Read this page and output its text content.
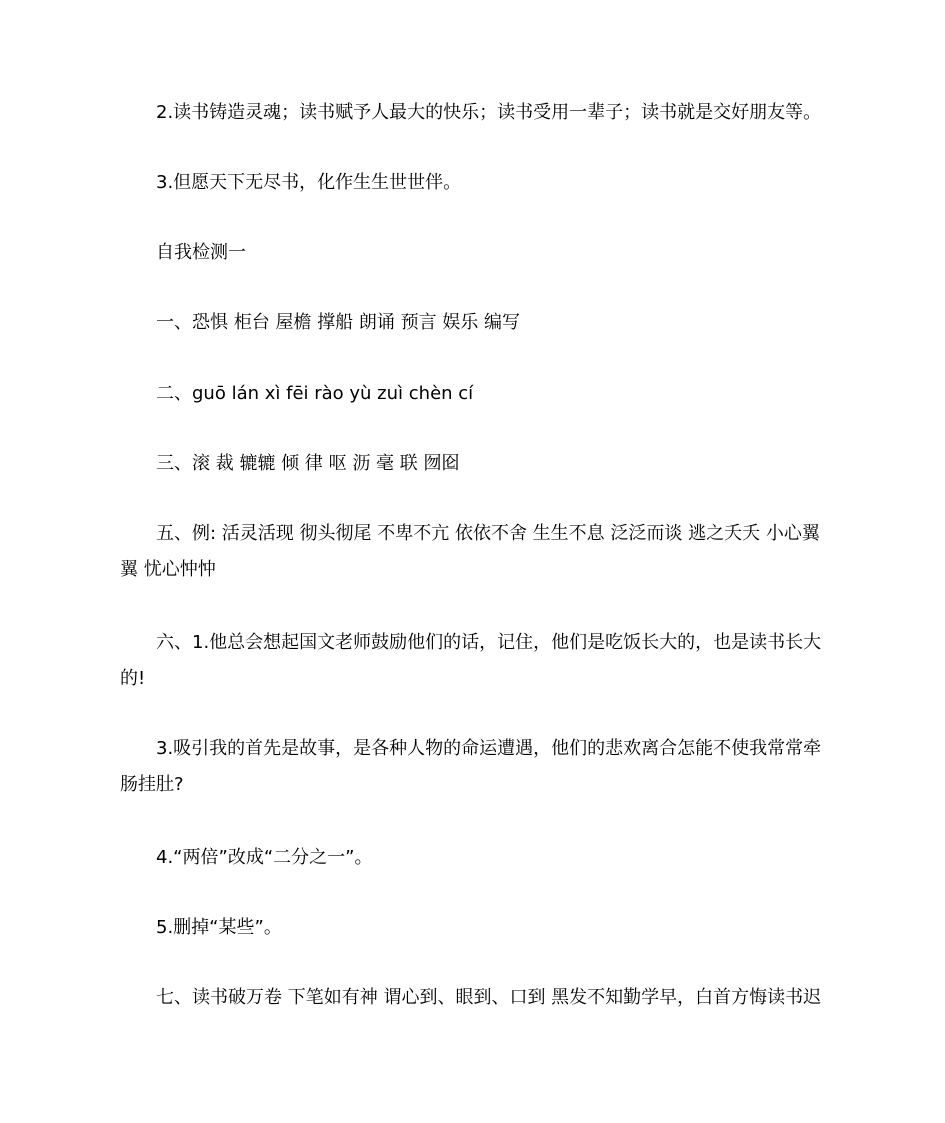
2.读书铸造灵魂；读书赋予人最大的快乐；读书受用一辈子；读书就是交好朋友等。

3.但愿天下无尽书，化作生生世世伴。

自我检测一

一、恐惧 柜台 屋檐 撑船 朗诵 预言 娱乐 编写

二、guō lán xì fēi rào yù zuì chèn cí

三、滚 裁 辘辘 倾 律 呕 沥 毫 联 囫囵

五、例: 活灵活现 彻头彻尾 不卑不亢 依依不舍 生生不息 泛泛而谈 逃之夭夭 小心翼翼 忧心忡忡

六、1.他总会想起国文老师鼓励他们的话，记住，他们是吃饭长大的，也是读书长大的!

3.吸引我的首先是故事，是各种人物的命运遭遇，他们的悲欢离合怎能不使我常常牵肠挂肚?

4.“两倍”改成“二分之一”。

5.删掉“某些”。

七、读书破万卷 下笔如有神 谓心到、眼到、口到 黑发不知勤学早，白首方悔读书迟
